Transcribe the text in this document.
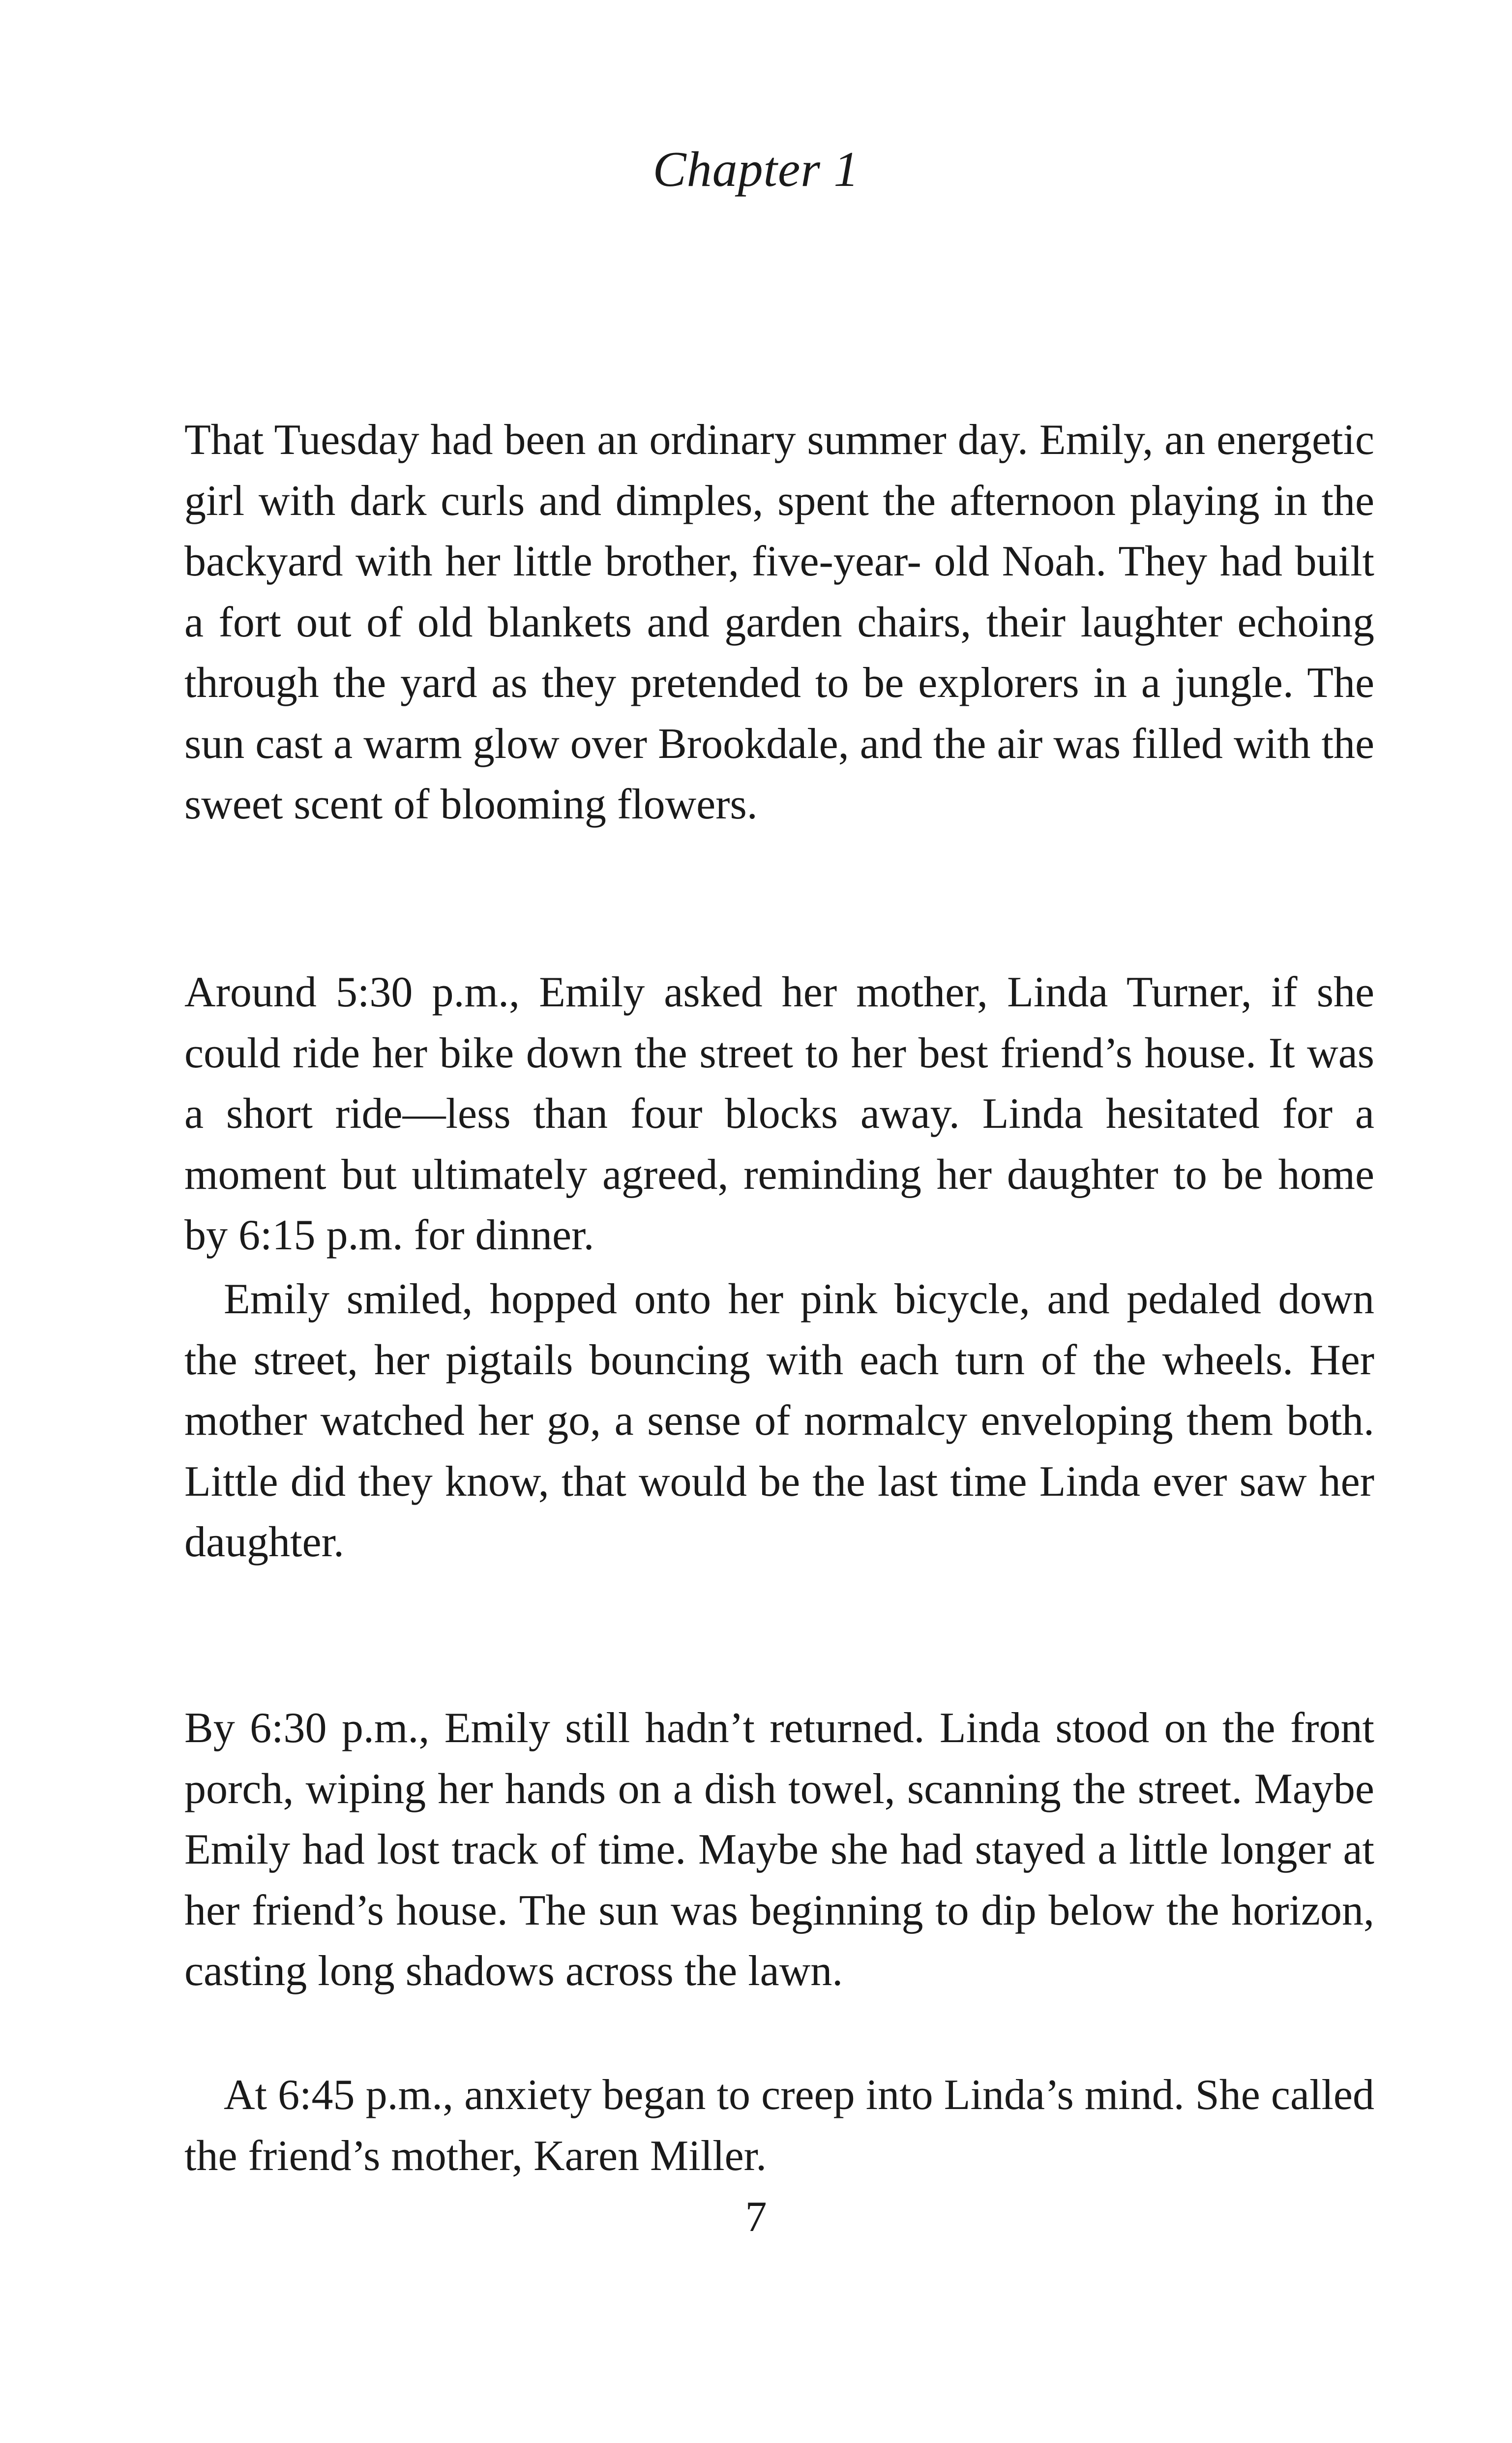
Chapter 1

That Tuesday had been an ordinary summer day. Emily, an energetic girl with dark curls and dimples, spent the afternoon playing in the backyard with her little brother, five-year- old Noah. They had built a fort out of old blankets and garden chairs, their laughter echoing through the yard as they pretended to be explorers in a jungle. The sun cast a warm glow over Brookdale, and the air was filled with the sweet scent of blooming flowers.

Around 5:30 p.m., Emily asked her mother, Linda Turner, if she could ride her bike down the street to her best friend’s house. It was a short ride—less than four blocks away. Linda hesitated for a moment but ultimately agreed, reminding her daughter to be home by 6:15 p.m. for dinner.

Emily smiled, hopped onto her pink bicycle, and pedaled down the street, her pigtails bouncing with each turn of the wheels. Her mother watched her go, a sense of normalcy enveloping them both. Little did they know, that would be the last time Linda ever saw her daughter.

By 6:30 p.m., Emily still hadn’t returned. Linda stood on the front porch, wiping her hands on a dish towel, scanning the street. Maybe Emily had lost track of time. Maybe she had stayed a little longer at her friend’s house. The sun was beginning to dip below the horizon, casting long shadows across the lawn.

At 6:45 p.m., anxiety began to creep into Linda’s mind. She called the friend’s mother, Karen Miller.

7
